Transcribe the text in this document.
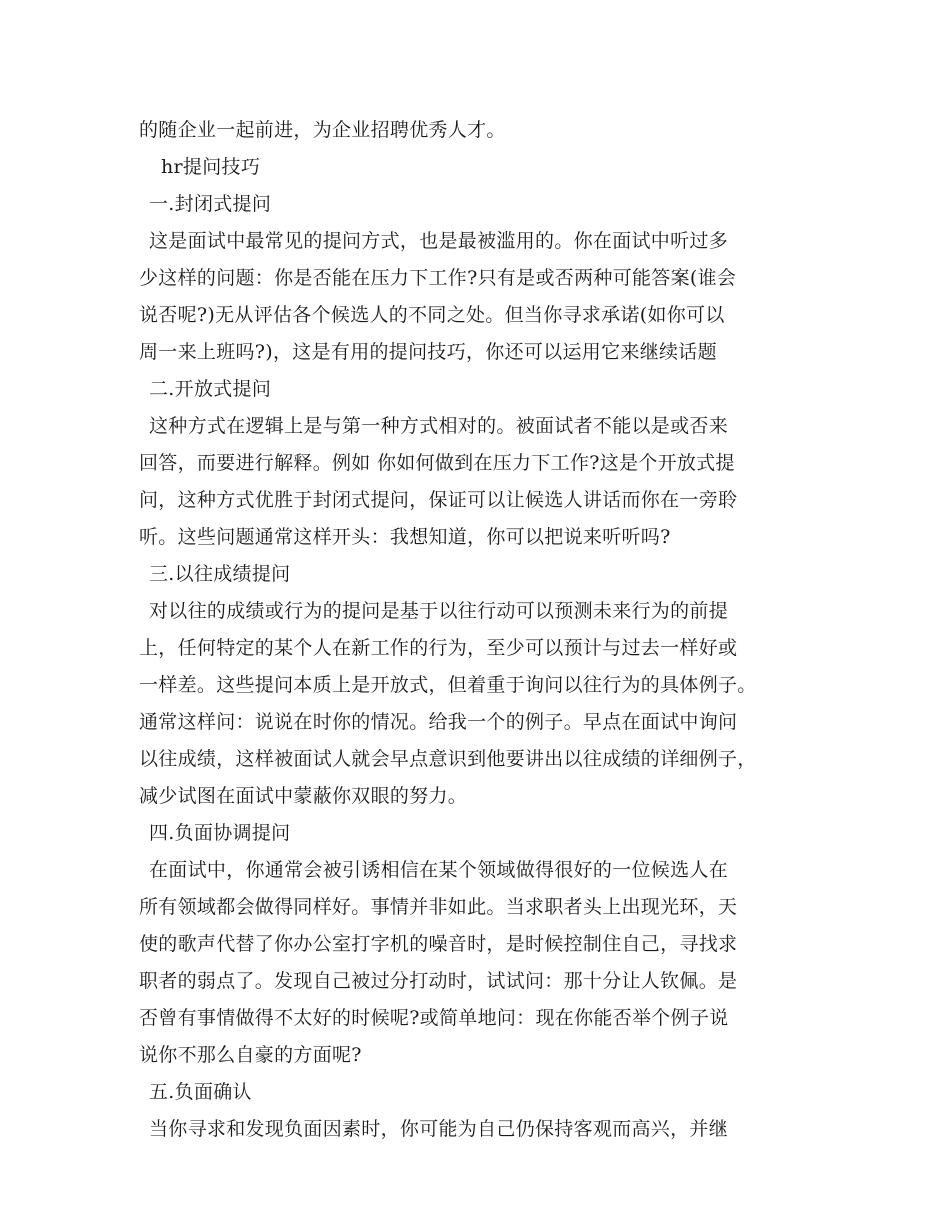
的随企业一起前进，为企业招聘优秀人才。
hr提问技巧
一.封闭式提问
这是面试中最常见的提问方式，也是最被滥用的。你在面试中听过多
少这样的问题：你是否能在压力下工作?只有是或否两种可能答案(谁会
说否呢?)无从评估各个候选人的不同之处。但当你寻求承诺(如你可以
周一来上班吗?)，这是有用的提问技巧，你还可以运用它来继续话题
二.开放式提问
这种方式在逻辑上是与第一种方式相对的。被面试者不能以是或否来
回答，而要进行解释。例如 你如何做到在压力下工作?这是个开放式提
问，这种方式优胜于封闭式提问，保证可以让候选人讲话而你在一旁聆
听。这些问题通常这样开头：我想知道，你可以把说来听听吗?
三.以往成绩提问
对以往的成绩或行为的提问是基于以往行动可以预测未来行为的前提
上，任何特定的某个人在新工作的行为，至少可以预计与过去一样好或
一样差。这些提问本质上是开放式，但着重于询问以往行为的具体例子。
通常这样问：说说在时你的情况。给我一个的例子。早点在面试中询问
以往成绩，这样被面试人就会早点意识到他要讲出以往成绩的详细例子，
减少试图在面试中蒙蔽你双眼的努力。
四.负面协调提问
在面试中，你通常会被引诱相信在某个领域做得很好的一位候选人在
所有领域都会做得同样好。事情并非如此。当求职者头上出现光环，天
使的歌声代替了你办公室打字机的噪音时，是时候控制住自己，寻找求
职者的弱点了。发现自己被过分打动时，试试问：那十分让人钦佩。是
否曾有事情做得不太好的时候呢?或简单地问：现在你能否举个例子说
说你不那么自豪的方面呢?
五.负面确认
当你寻求和发现负面因素时，你可能为自己仍保持客观而高兴，并继
